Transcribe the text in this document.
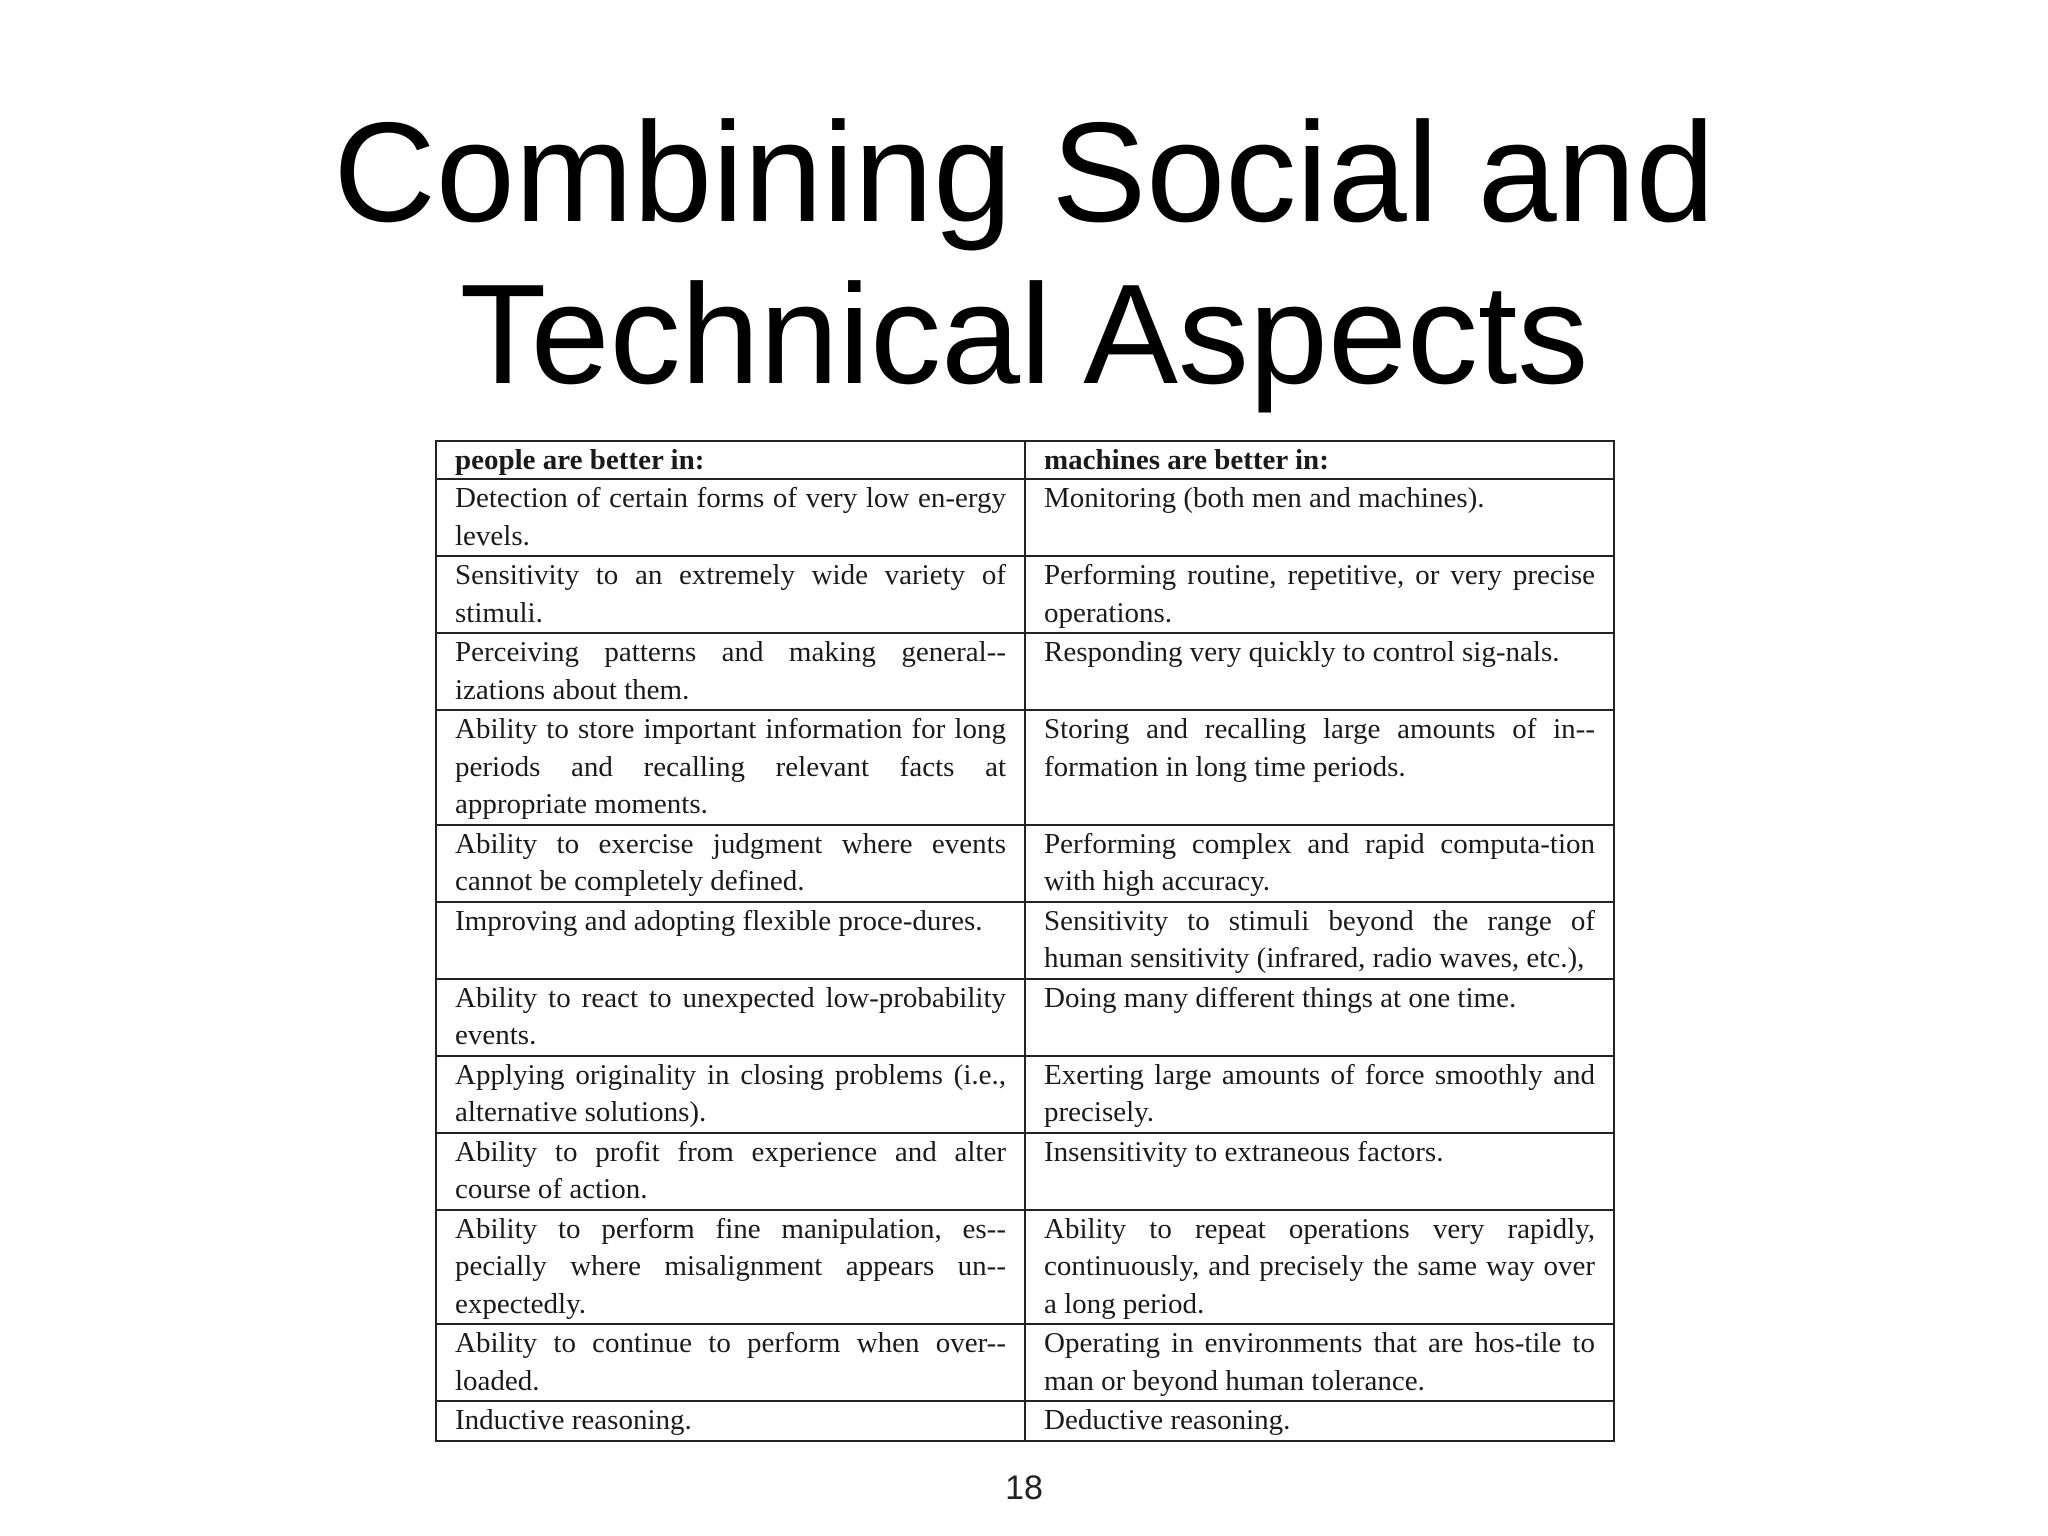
Combining Social and
Technical Aspects
people are better in:	machines are better in:
Detection of certain forms of very low en-ergy levels.	Monitoring (both men and machines).
Sensitivity to an extremely wide variety of stimuli.	Performing routine, repetitive, or very precise operations.
Perceiving patterns and making general-izations about them.	Responding very quickly to control sig-nals.
Ability to store important information for long periods and recalling relevant facts at appropriate moments.	Storing and recalling large amounts of in-formation in long time periods.
Ability to exercise judgment where events cannot be completely defined.	Performing complex and rapid computa-tion with high accuracy.
Improving and adopting flexible proce-dures.	Sensitivity to stimuli beyond the range of human sensitivity (infrared, radio waves, etc.),
Ability to react to unexpected low-probability events.	Doing many different things at one time.
Applying originality in closing problems (i.e., alternative solutions).	Exerting large amounts of force smoothly and precisely.
Ability to profit from experience and alter course of action.	Insensitivity to extraneous factors.
Ability to perform fine manipulation, es-pecially where misalignment appears un-expectedly.	Ability to repeat operations very rapidly, continuously, and precisely the same way over a long period.
Ability to continue to perform when over-loaded.	Operating in environments that are hos-tile to man or beyond human tolerance.
Inductive reasoning.	Deductive reasoning.
18
